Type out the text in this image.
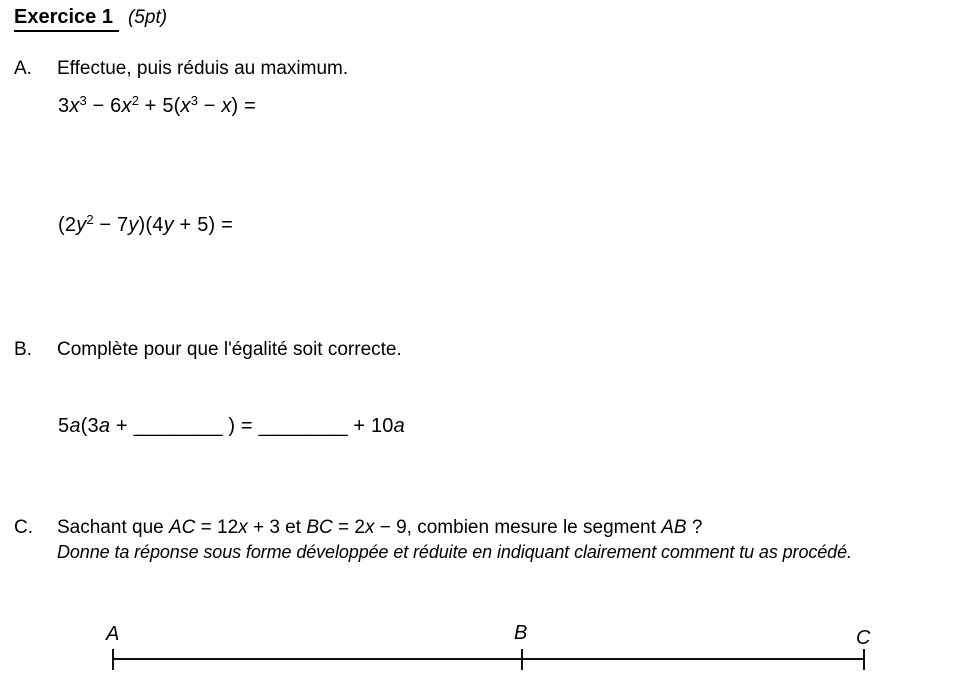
Exercice 1 (5pt)
A. Effectue, puis réduis au maximum.
$3x^3 - 6x^2 + 5(x^3 - x)$ =
$(2y^2 - 7y)(4y + 5)$ =
B. Complète pour que l'égalité soit correcte.
5a(3a + ________ ) = ________ + 10a
C. Sachant que AC = 12x + 3 et BC = 2x − 9, combien mesure le segment AB ?
Donne ta réponse sous forme développée et réduite en indiquant clairement comment tu as procédé.
A	B	C
